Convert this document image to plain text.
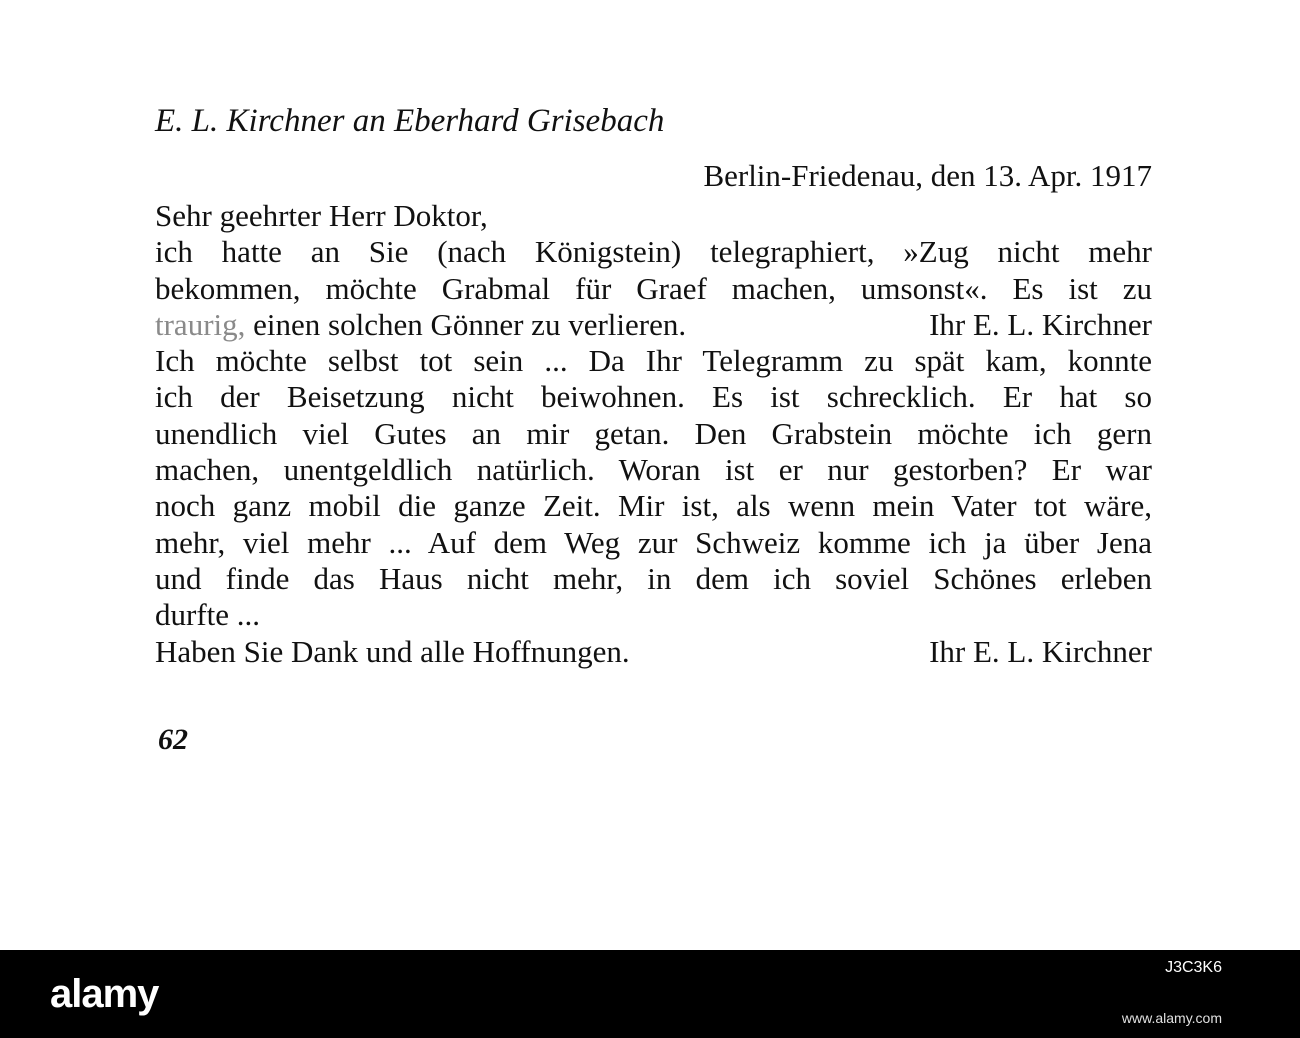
E. L. Kirchner an Eberhard Grisebach
Berlin-Friedenau, den 13. Apr. 1917
Sehr geehrter Herr Doktor,
ich hatte an Sie (nach Königstein) telegraphiert, »Zug nicht mehr
bekommen, möchte Grabmal für Graef machen, umsonst«. Es ist zu
traurig, einen solchen Gönner zu verlieren.	Ihr E. L. Kirchner
Ich möchte selbst tot sein ... Da Ihr Telegramm zu spät kam, konnte
ich der Beisetzung nicht beiwohnen. Es ist schrecklich. Er hat so
unendlich viel Gutes an mir getan. Den Grabstein möchte ich gern
machen, unentgeldlich natürlich. Woran ist er nur gestorben? Er war
noch ganz mobil die ganze Zeit. Mir ist, als wenn mein Vater tot wäre,
mehr, viel mehr ... Auf dem Weg zur Schweiz komme ich ja über Jena
und finde das Haus nicht mehr, in dem ich soviel Schönes erleben
durfte ...
Haben Sie Dank und alle Hoffnungen.	Ihr E. L. Kirchner
62
alamy
J3C3K6
www.alamy.com
